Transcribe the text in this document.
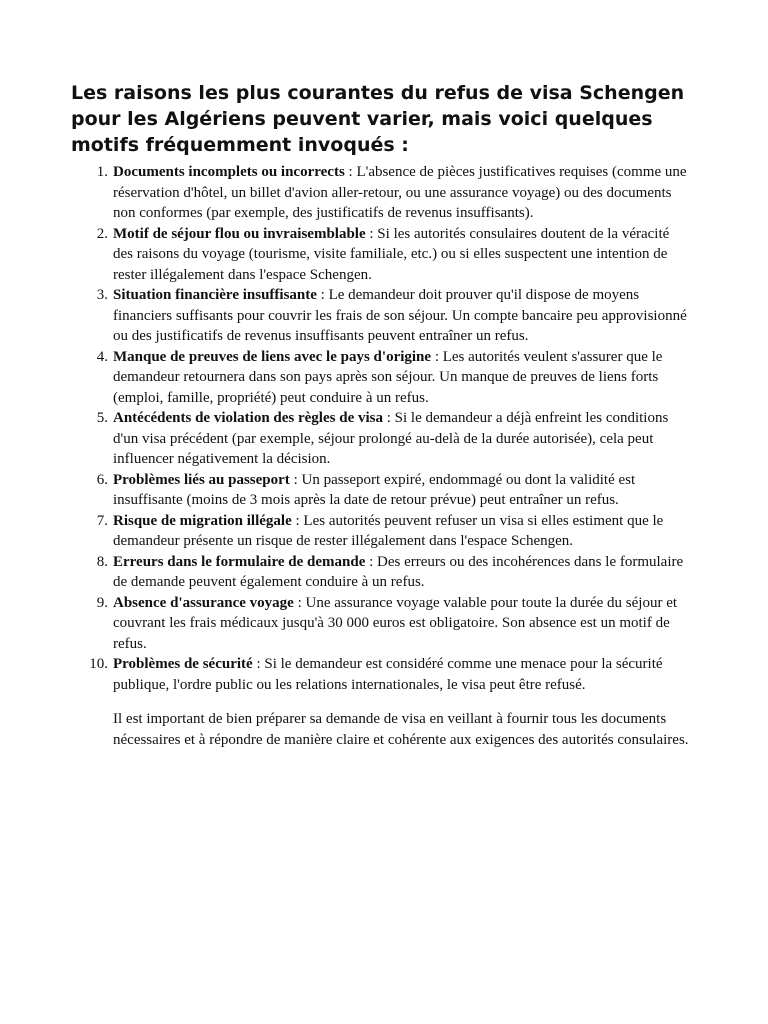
Les raisons les plus courantes du refus de visa Schengen pour les Algériens peuvent varier, mais voici quelques motifs fréquemment invoqués :
1. Documents incomplets ou incorrects : L'absence de pièces justificatives requises (comme une réservation d'hôtel, un billet d'avion aller-retour, ou une assurance voyage) ou des documents non conformes (par exemple, des justificatifs de revenus insuffisants).
2. Motif de séjour flou ou invraisemblable : Si les autorités consulaires doutent de la véracité des raisons du voyage (tourisme, visite familiale, etc.) ou si elles suspectent une intention de rester illégalement dans l'espace Schengen.
3. Situation financière insuffisante : Le demandeur doit prouver qu'il dispose de moyens financiers suffisants pour couvrir les frais de son séjour. Un compte bancaire peu approvisionné ou des justificatifs de revenus insuffisants peuvent entraîner un refus.
4. Manque de preuves de liens avec le pays d'origine : Les autorités veulent s'assurer que le demandeur retournera dans son pays après son séjour. Un manque de preuves de liens forts (emploi, famille, propriété) peut conduire à un refus.
5. Antécédents de violation des règles de visa : Si le demandeur a déjà enfreint les conditions d'un visa précédent (par exemple, séjour prolongé au-delà de la durée autorisée), cela peut influencer négativement la décision.
6. Problèmes liés au passeport : Un passeport expiré, endommagé ou dont la validité est insuffisante (moins de 3 mois après la date de retour prévue) peut entraîner un refus.
7. Risque de migration illégale : Les autorités peuvent refuser un visa si elles estiment que le demandeur présente un risque de rester illégalement dans l'espace Schengen.
8. Erreurs dans le formulaire de demande : Des erreurs ou des incohérences dans le formulaire de demande peuvent également conduire à un refus.
9. Absence d'assurance voyage : Une assurance voyage valable pour toute la durée du séjour et couvrant les frais médicaux jusqu'à 30 000 euros est obligatoire. Son absence est un motif de refus.
10. Problèmes de sécurité : Si le demandeur est considéré comme une menace pour la sécurité publique, l'ordre public ou les relations internationales, le visa peut être refusé.

Il est important de bien préparer sa demande de visa en veillant à fournir tous les documents nécessaires et à répondre de manière claire et cohérente aux exigences des autorités consulaires.
